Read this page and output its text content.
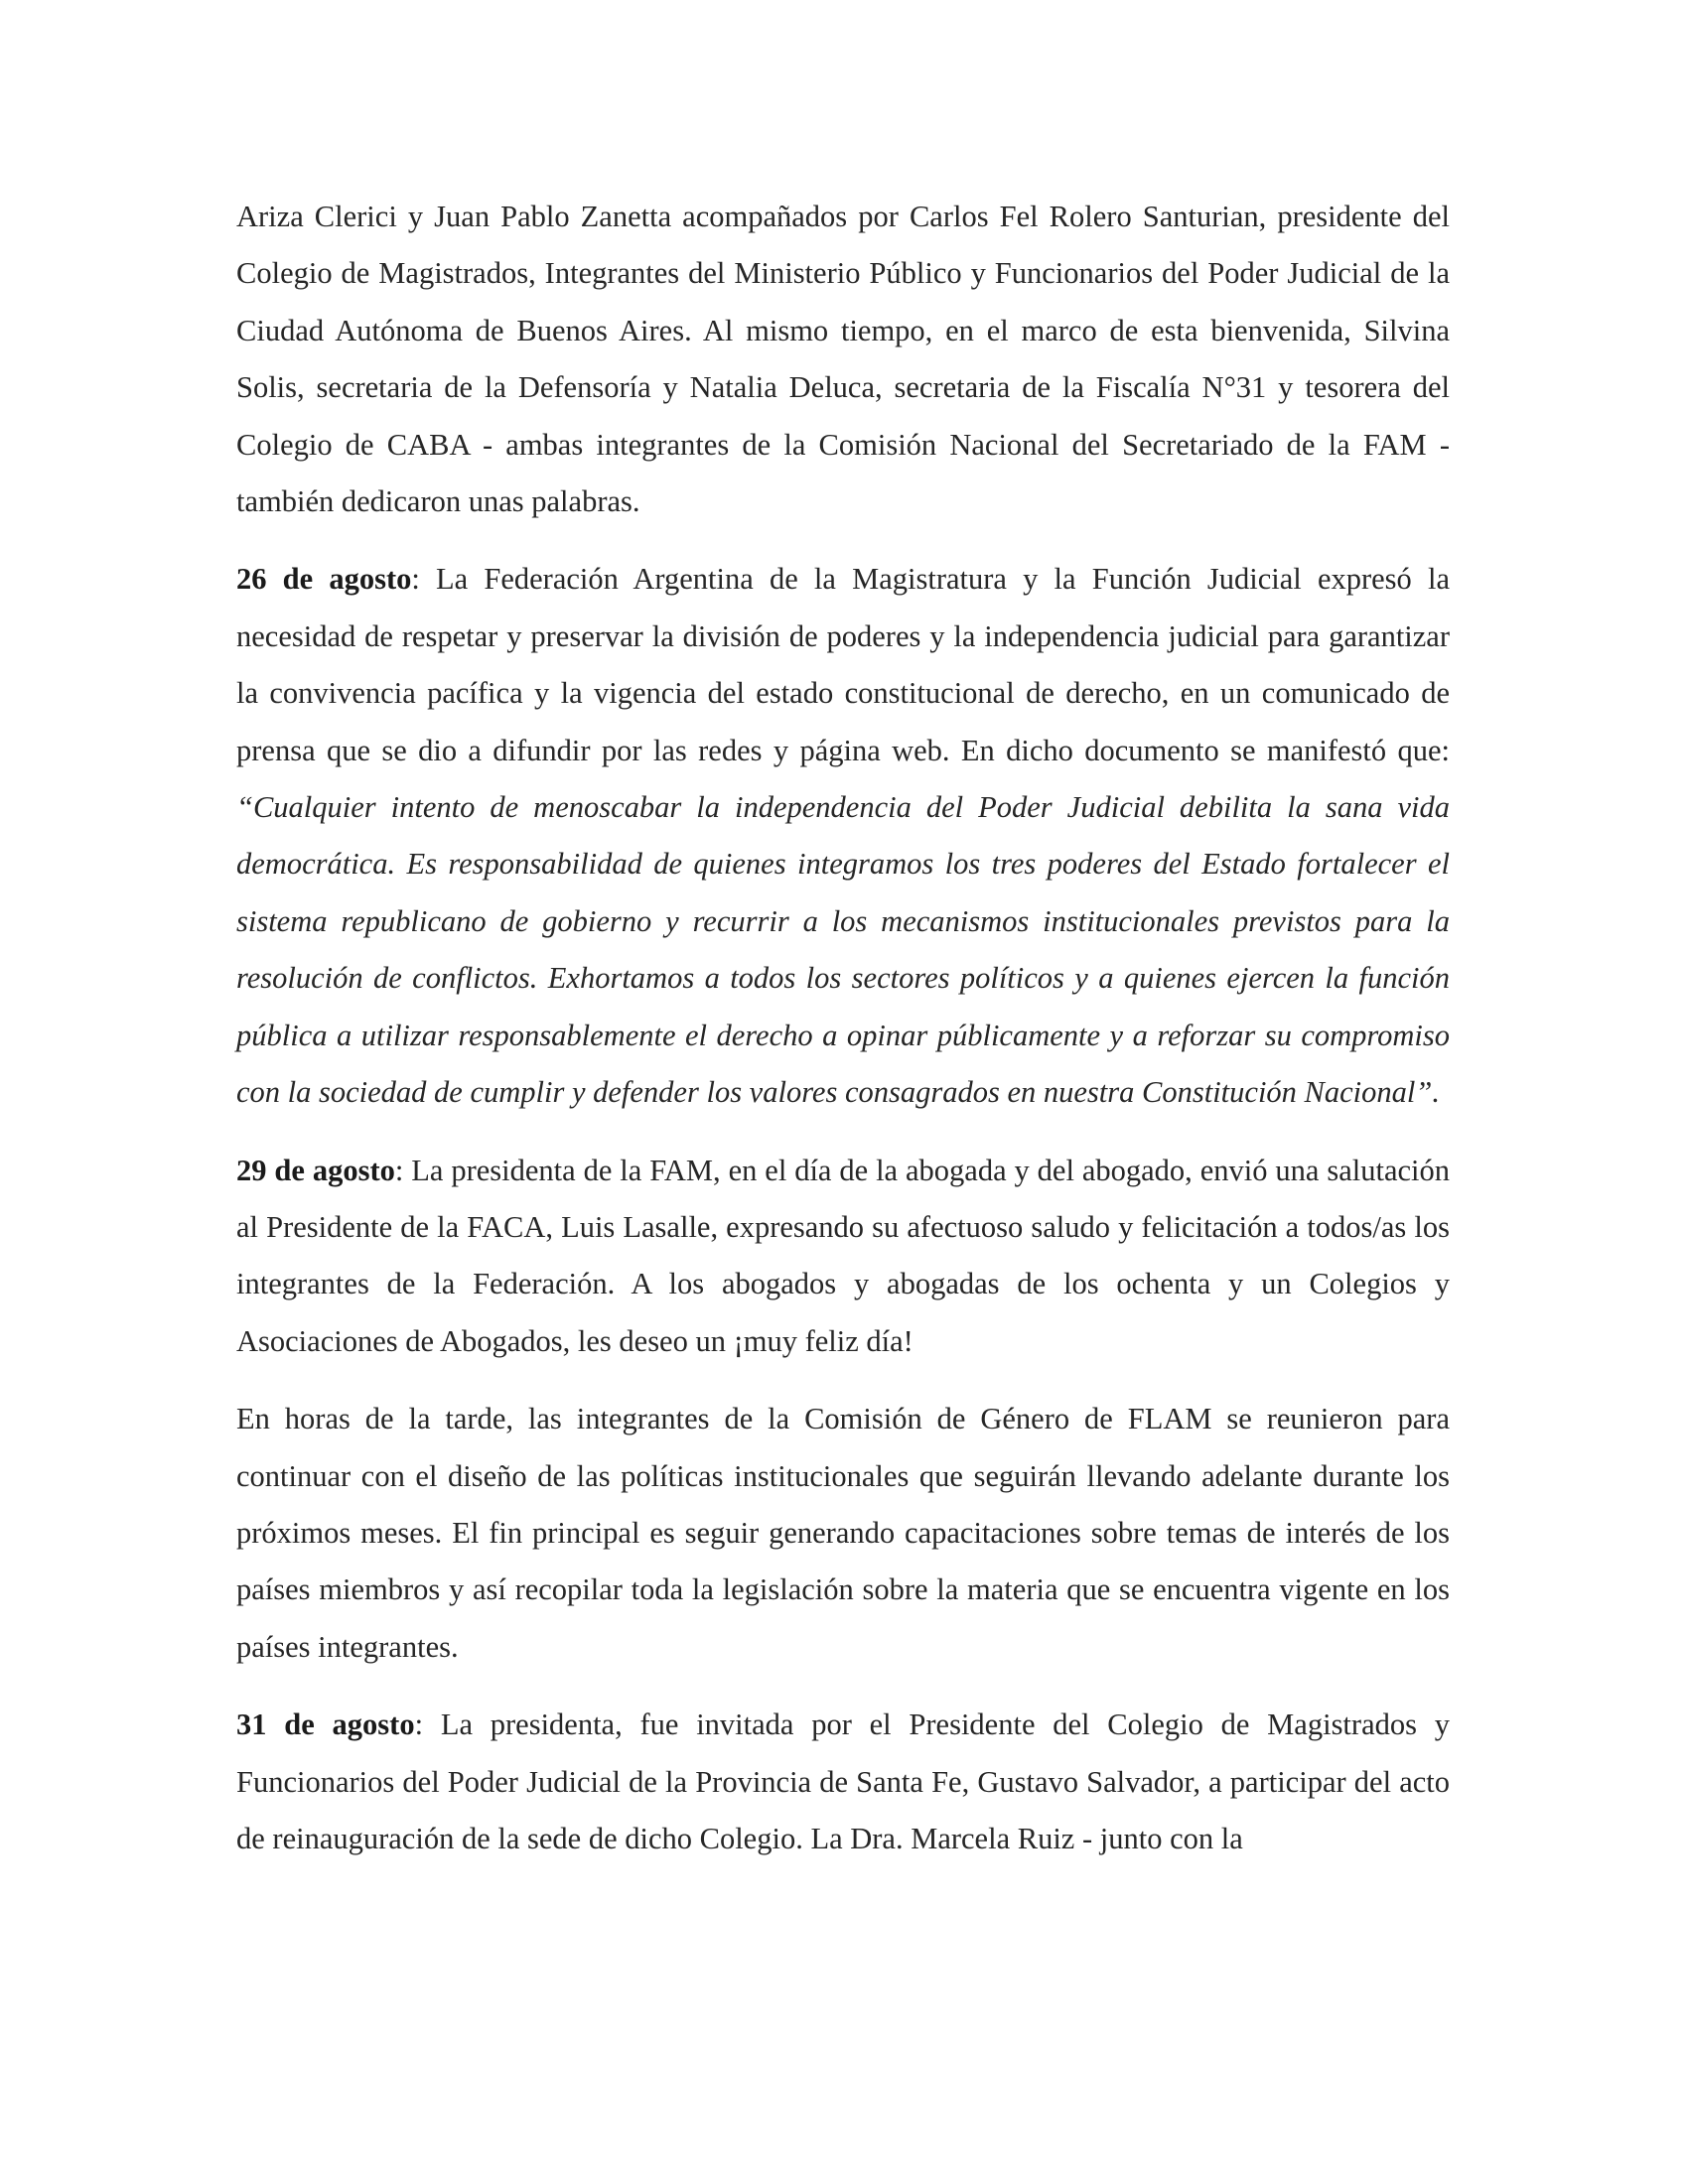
Ariza Clerici y Juan Pablo Zanetta acompañados por Carlos Fel Rolero Santurian, presidente del Colegio de Magistrados, Integrantes del Ministerio Público y Funcionarios del Poder Judicial de la Ciudad Autónoma de Buenos Aires. Al mismo tiempo, en el marco de esta bienvenida, Silvina Solis, secretaria de la Defensoría y Natalia Deluca, secretaria de la Fiscalía N°31 y tesorera del Colegio de CABA - ambas integrantes de la Comisión Nacional del Secretariado de la FAM - también dedicaron unas palabras.

26 de agosto: La Federación Argentina de la Magistratura y la Función Judicial expresó la necesidad de respetar y preservar la división de poderes y la independencia judicial para garantizar la convivencia pacífica y la vigencia del estado constitucional de derecho, en un comunicado de prensa que se dio a difundir por las redes y página web. En dicho documento se manifestó que: “Cualquier intento de menoscabar la independencia del Poder Judicial debilita la sana vida democrática. Es responsabilidad de quienes integramos los tres poderes del Estado fortalecer el sistema republicano de gobierno y recurrir a los mecanismos institucionales previstos para la resolución de conflictos. Exhortamos a todos los sectores políticos y a quienes ejercen la función pública a utilizar responsablemente el derecho a opinar públicamente y a reforzar su compromiso con la sociedad de cumplir y defender los valores consagrados en nuestra Constitución Nacional”.

29 de agosto: La presidenta de la FAM, en el día de la abogada y del abogado, envió una salutación al Presidente de la FACA, Luis Lasalle, expresando su afectuoso saludo y felicitación a todos/as los integrantes de la Federación. A los abogados y abogadas de los ochenta y un Colegios y Asociaciones de Abogados, les deseo un ¡muy feliz día!

En horas de la tarde, las integrantes de la Comisión de Género de FLAM se reunieron para continuar con el diseño de las políticas institucionales que seguirán llevando adelante durante los próximos meses. El fin principal es seguir generando capacitaciones sobre temas de interés de los países miembros y así recopilar toda la legislación sobre la materia que se encuentra vigente en los países integrantes.

31 de agosto: La presidenta, fue invitada por el Presidente del Colegio de Magistrados y Funcionarios del Poder Judicial de la Provincia de Santa Fe, Gustavo Salvador, a participar del acto de reinauguración de la sede de dicho Colegio. La Dra. Marcela Ruiz - junto con la
